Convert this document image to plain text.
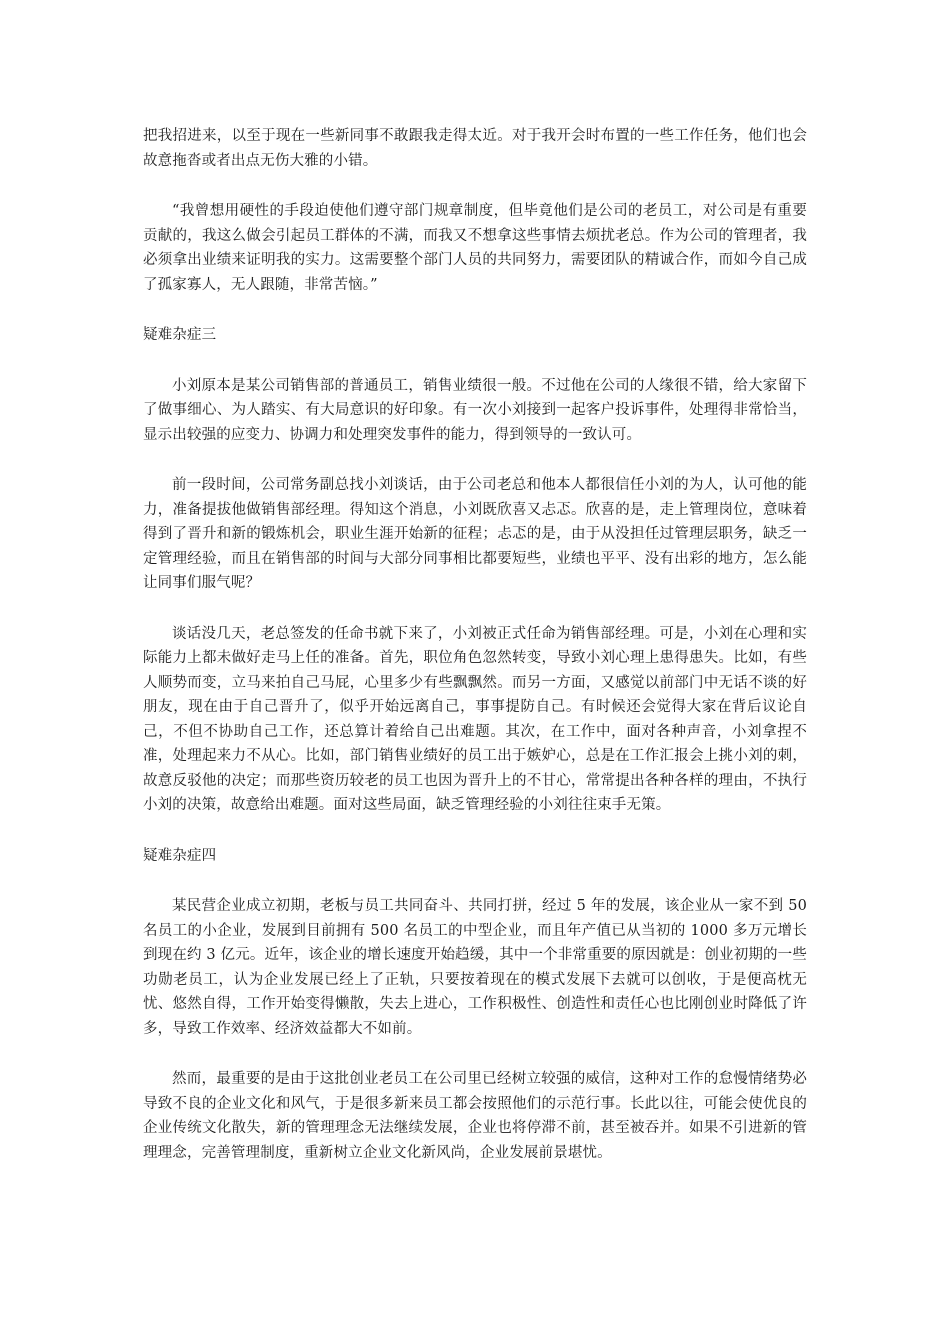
把我招进来，以至于现在一些新同事不敢跟我走得太近。对于我开会时布置的一些工作任务，他们也会故意拖沓或者出点无伤大雅的小错。

“我曾想用硬性的手段迫使他们遵守部门规章制度，但毕竟他们是公司的老员工，对公司是有重要贡献的，我这么做会引起员工群体的不满，而我又不想拿这些事情去烦扰老总。作为公司的管理者，我必须拿出业绩来证明我的实力。这需要整个部门人员的共同努力，需要团队的精诚合作，而如今自己成了孤家寡人，无人跟随，非常苦恼。”

疑难杂症三

小刘原本是某公司销售部的普通员工，销售业绩很一般。不过他在公司的人缘很不错，给大家留下了做事细心、为人踏实、有大局意识的好印象。有一次小刘接到一起客户投诉事件，处理得非常恰当，显示出较强的应变力、协调力和处理突发事件的能力，得到领导的一致认可。

前一段时间，公司常务副总找小刘谈话，由于公司老总和他本人都很信任小刘的为人，认可他的能力，准备提拔他做销售部经理。得知这个消息，小刘既欣喜又忐忑。欣喜的是，走上管理岗位，意味着得到了晋升和新的锻炼机会，职业生涯开始新的征程；忐忑的是，由于从没担任过管理层职务，缺乏一定管理经验，而且在销售部的时间与大部分同事相比都要短些，业绩也平平、没有出彩的地方，怎么能让同事们服气呢？

谈话没几天，老总签发的任命书就下来了，小刘被正式任命为销售部经理。可是，小刘在心理和实际能力上都未做好走马上任的准备。首先，职位角色忽然转变，导致小刘心理上患得患失。比如，有些人顺势而变，立马来拍自己马屁，心里多少有些飘飘然。而另一方面，又感觉以前部门中无话不谈的好朋友，现在由于自己晋升了，似乎开始远离自己，事事提防自己。有时候还会觉得大家在背后议论自己，不但不协助自己工作，还总算计着给自己出难题。其次，在工作中，面对各种声音，小刘拿捏不准，处理起来力不从心。比如，部门销售业绩好的员工出于嫉妒心，总是在工作汇报会上挑小刘的刺，故意反驳他的决定；而那些资历较老的员工也因为晋升上的不甘心，常常提出各种各样的理由，不执行小刘的决策，故意给出难题。面对这些局面，缺乏管理经验的小刘往往束手无策。

疑难杂症四

某民营企业成立初期，老板与员工共同奋斗、共同打拼，经过 5 年的发展，该企业从一家不到 50 名员工的小企业，发展到目前拥有 500 名员工的中型企业，而且年产值已从当初的 1000 多万元增长到现在约 3 亿元。近年，该企业的增长速度开始趋缓，其中一个非常重要的原因就是：创业初期的一些功勋老员工，认为企业发展已经上了正轨，只要按着现在的模式发展下去就可以创收，于是便高枕无忧、悠然自得，工作开始变得懒散，失去上进心，工作积极性、创造性和责任心也比刚创业时降低了许多，导致工作效率、经济效益都大不如前。

然而，最重要的是由于这批创业老员工在公司里已经树立较强的威信，这种对工作的怠慢情绪势必导致不良的企业文化和风气，于是很多新来员工都会按照他们的示范行事。长此以往，可能会使优良的企业传统文化散失，新的管理理念无法继续发展，企业也将停滞不前，甚至被吞并。如果不引进新的管理理念，完善管理制度，重新树立企业文化新风尚，企业发展前景堪忧。
